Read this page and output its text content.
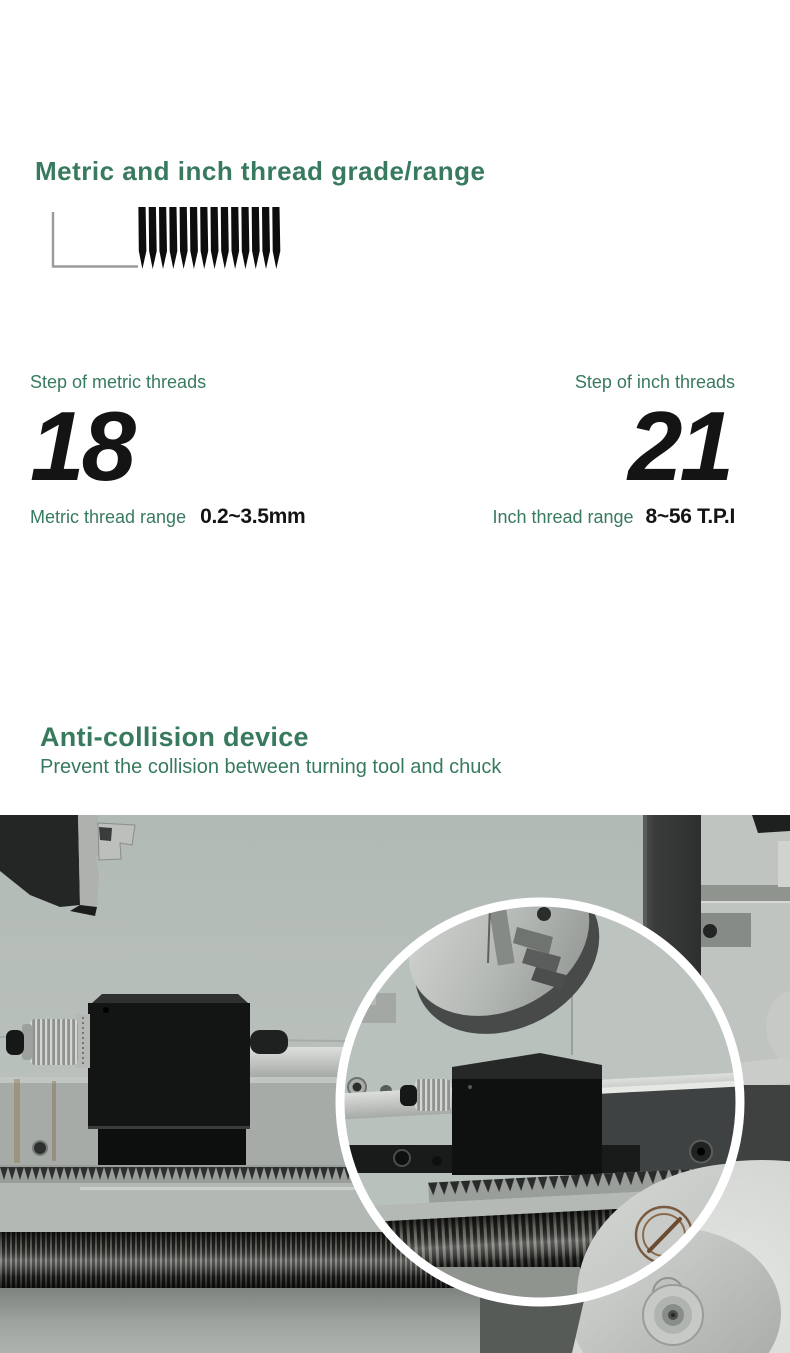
Metric and inch thread grade/range
Step of metric threads
18
Metric thread range 0.2~3.5mm
Step of inch threads
21
Inch thread range 8~56 T.P.I
Anti-collision device
Prevent the collision between turning tool and chuck
